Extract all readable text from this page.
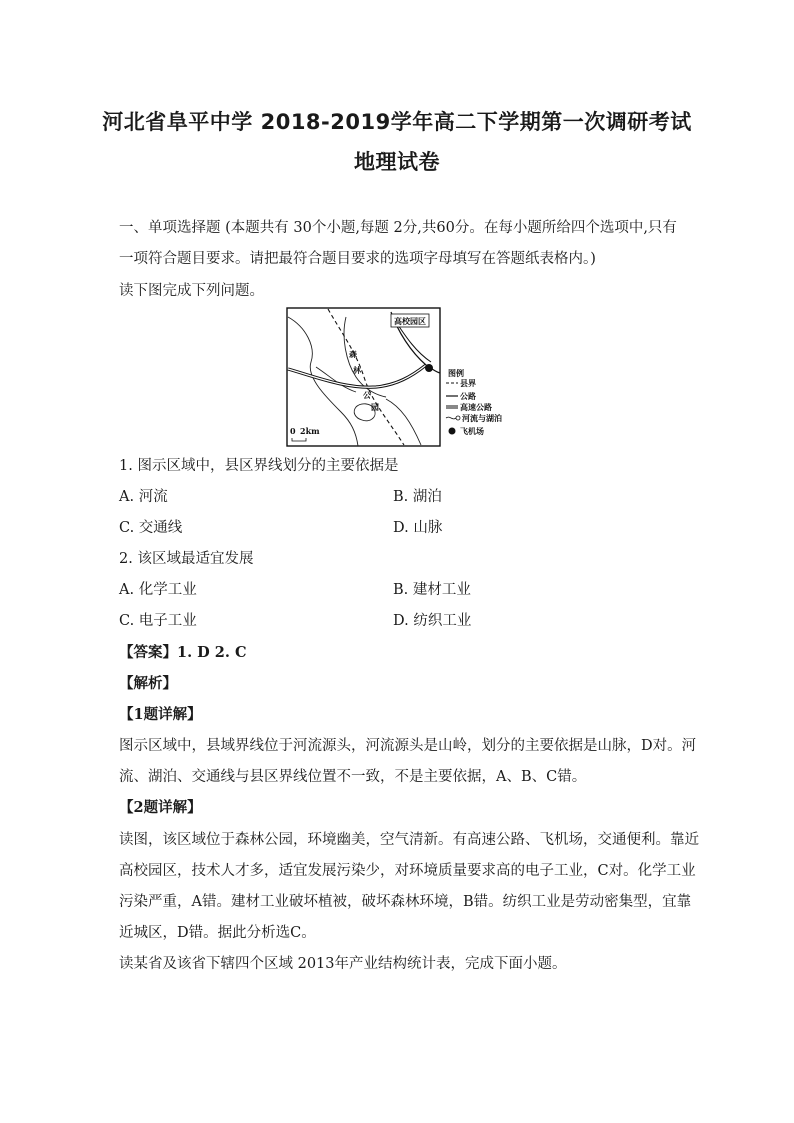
河北省阜平中学 2018-2019学年高二下学期第一次调研考试
地理试卷
一、单项选择题 (本题共有 30个小题,每题 2分,共60分。在每小题所给四个选项中,只有
一项符合题目要求。请把最符合题目要求的选项字母填写在答题纸表格内。)
读下图完成下列问题。
高校园区
森
林
公
园
0 2km
图例
县界
公路
高速公路
河流与湖泊
飞机场
1. 图示区域中，县区界线划分的主要依据是
A. 河流	B. 湖泊
C. 交通线	D. 山脉
2. 该区域最适宜发展
A. 化学工业	B. 建材工业
C. 电子工业	D. 纺织工业
【答案】1. D 2. C
【解析】
【1题详解】
图示区域中，县域界线位于河流源头，河流源头是山岭，划分的主要依据是山脉，D对。河
流、湖泊、交通线与县区界线位置不一致，不是主要依据，A、B、C错。
【2题详解】
读图，该区域位于森林公园，环境幽美，空气清新。有高速公路、飞机场，交通便利。靠近
高校园区，技术人才多，适宜发展污染少，对环境质量要求高的电子工业，C对。化学工业
污染严重，A错。建材工业破坏植被，破坏森林环境，B错。纺织工业是劳动密集型，宜靠
近城区，D错。据此分析选C。
读某省及该省下辖四个区域 2013年产业结构统计表，完成下面小题。
